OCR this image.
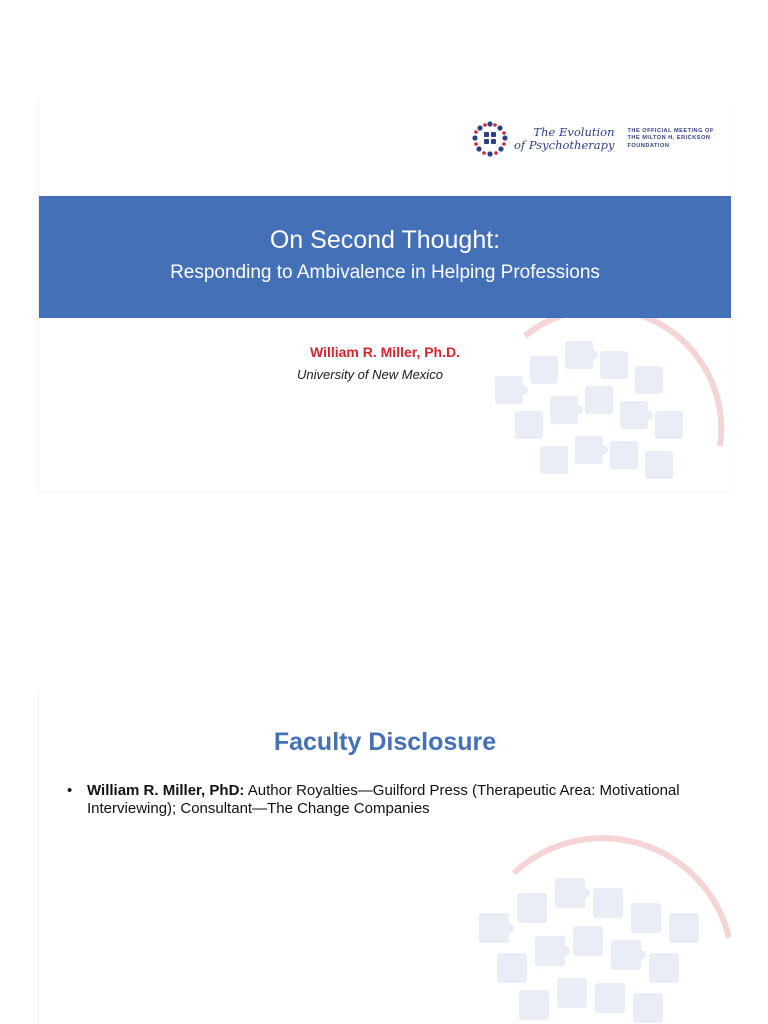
The Evolution
of Psychotherapy
THE OFFICIAL MEETING OF
THE MILTON H. ERICKSON
FOUNDATION
On Second Thought:
Responding to Ambivalence in Helping Professions
William R. Miller, Ph.D.
University of New Mexico
Faculty Disclosure
• William R. Miller, PhD: Author Royalties—Guilford Press (Therapeutic Area: Motivational Interviewing); Consultant—The Change Companies
